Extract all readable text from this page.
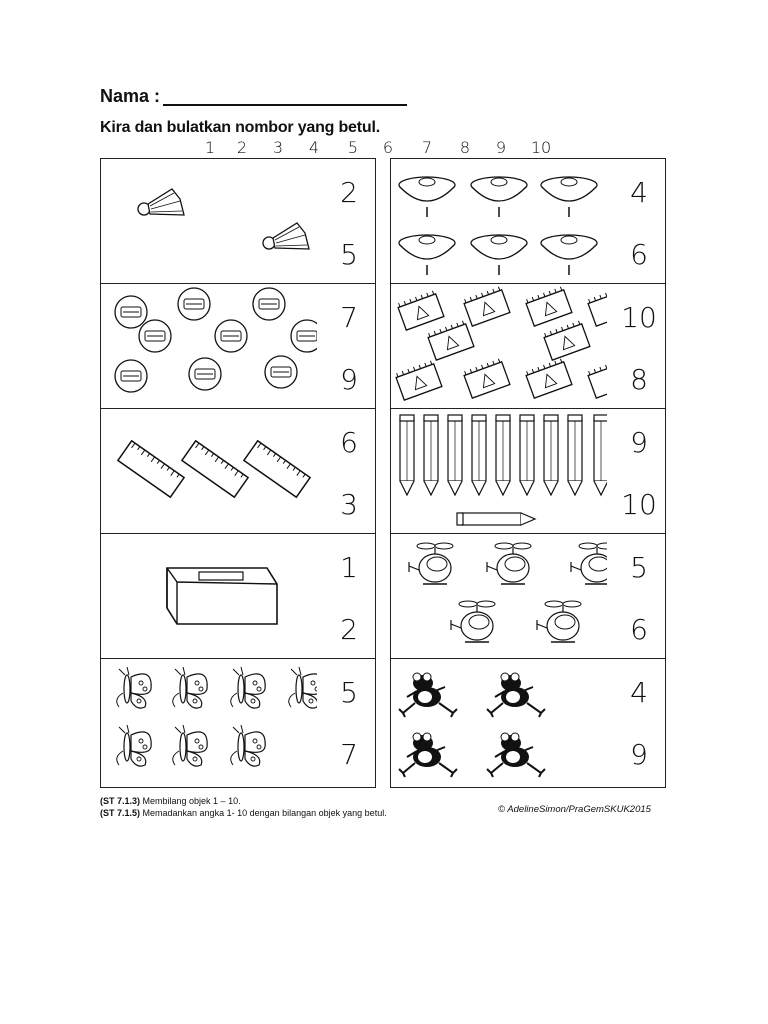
Nama :
Kira dan bulatkan nombor yang betul.
1 2 3 4 5 6 7 8 9 10
2
5
4
6
7
9
10
8
6
3
9
10
1
2
5
6
5
7
4
9
(ST 7.1.3) Membilang objek 1 – 10.
(ST 7.1.5) Memadankan angka 1- 10 dengan bilangan objek yang betul.	© AdelineSimon/PraGemSKUK2015
